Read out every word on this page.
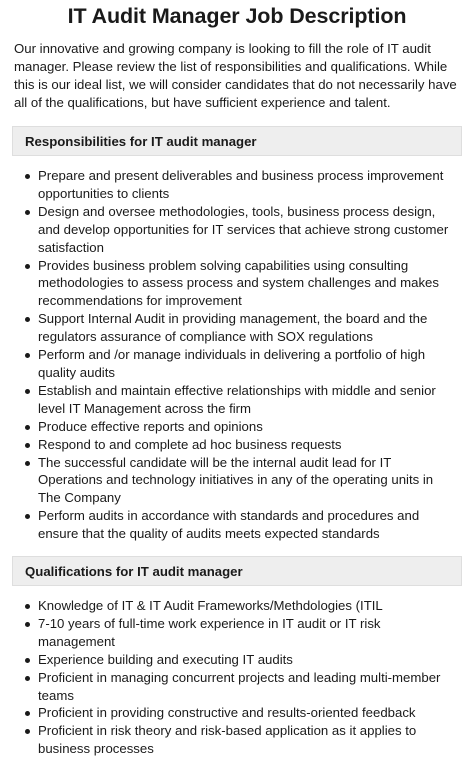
IT Audit Manager Job Description

Our innovative and growing company is looking to fill the role of IT audit manager. Please review the list of responsibilities and qualifications. While this is our ideal list, we will consider candidates that do not necessarily have all of the qualifications, but have sufficient experience and talent.

Responsibilities for IT audit manager
Prepare and present deliverables and business process improvement opportunities to clients
Design and oversee methodologies, tools, business process design, and develop opportunities for IT services that achieve strong customer satisfaction
Provides business problem solving capabilities using consulting methodologies to assess process and system challenges and makes recommendations for improvement
Support Internal Audit in providing management, the board and the regulators assurance of compliance with SOX regulations
Perform and /or manage individuals in delivering a portfolio of high quality audits
Establish and maintain effective relationships with middle and senior level IT Management across the firm
Produce effective reports and opinions
Respond to and complete ad hoc business requests
The successful candidate will be the internal audit lead for IT Operations and technology initiatives in any of the operating units in The Company
Perform audits in accordance with standards and procedures and ensure that the quality of audits meets expected standards
Qualifications for IT audit manager
Knowledge of IT & IT Audit Frameworks/Methdologies (ITIL
7-10 years of full-time work experience in IT audit or IT risk management
Experience building and executing IT audits
Proficient in managing concurrent projects and leading multi-member teams
Proficient in providing constructive and results-oriented feedback
Proficient in risk theory and risk-based application as it applies to business processes
